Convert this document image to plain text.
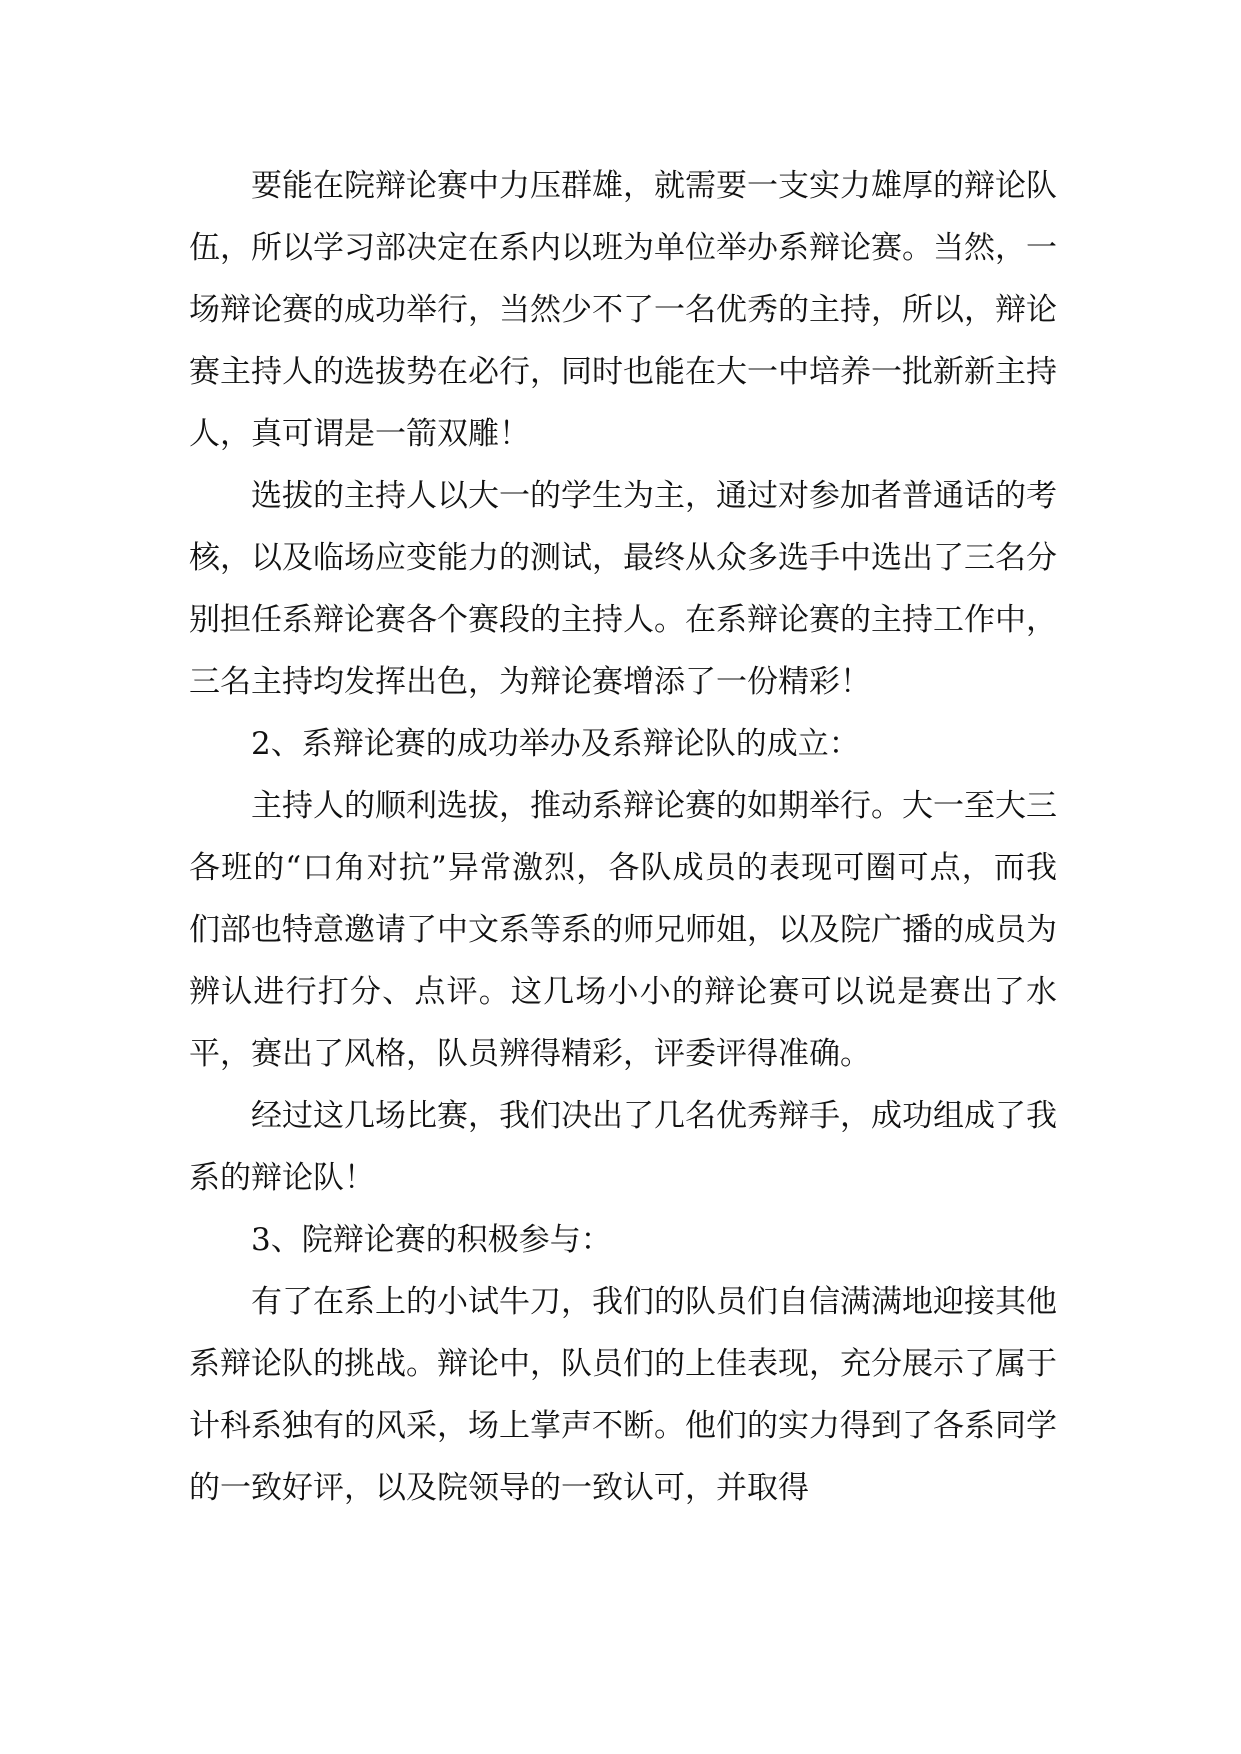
要能在院辩论赛中力压群雄，就需要一支实力雄厚的辩论队伍，所以学习部决定在系内以班为单位举办系辩论赛。当然，一场辩论赛的成功举行，当然少不了一名优秀的主持，所以，辩论赛主持人的选拔势在必行，同时也能在大一中培养一批新新主持人，真可谓是一箭双雕！

选拔的主持人以大一的学生为主，通过对参加者普通话的考核，以及临场应变能力的测试，最终从众多选手中选出了三名分别担任系辩论赛各个赛段的主持人。在系辩论赛的主持工作中，三名主持均发挥出色，为辩论赛增添了一份精彩！

2、系辩论赛的成功举办及系辩论队的成立：

主持人的顺利选拔，推动系辩论赛的如期举行。大一至大三各班的“口角对抗”异常激烈，各队成员的表现可圈可点，而我们部也特意邀请了中文系等系的师兄师姐，以及院广播的成员为辨认进行打分、点评。这几场小小的辩论赛可以说是赛出了水平，赛出了风格，队员辨得精彩，评委评得准确。

经过这几场比赛，我们决出了几名优秀辩手，成功组成了我系的辩论队！

3、院辩论赛的积极参与：

有了在系上的小试牛刀，我们的队员们自信满满地迎接其他系辩论队的挑战。辩论中，队员们的上佳表现，充分展示了属于计科系独有的风采，场上掌声不断。他们的实力得到了各系同学的一致好评，以及院领导的一致认可，并取得
